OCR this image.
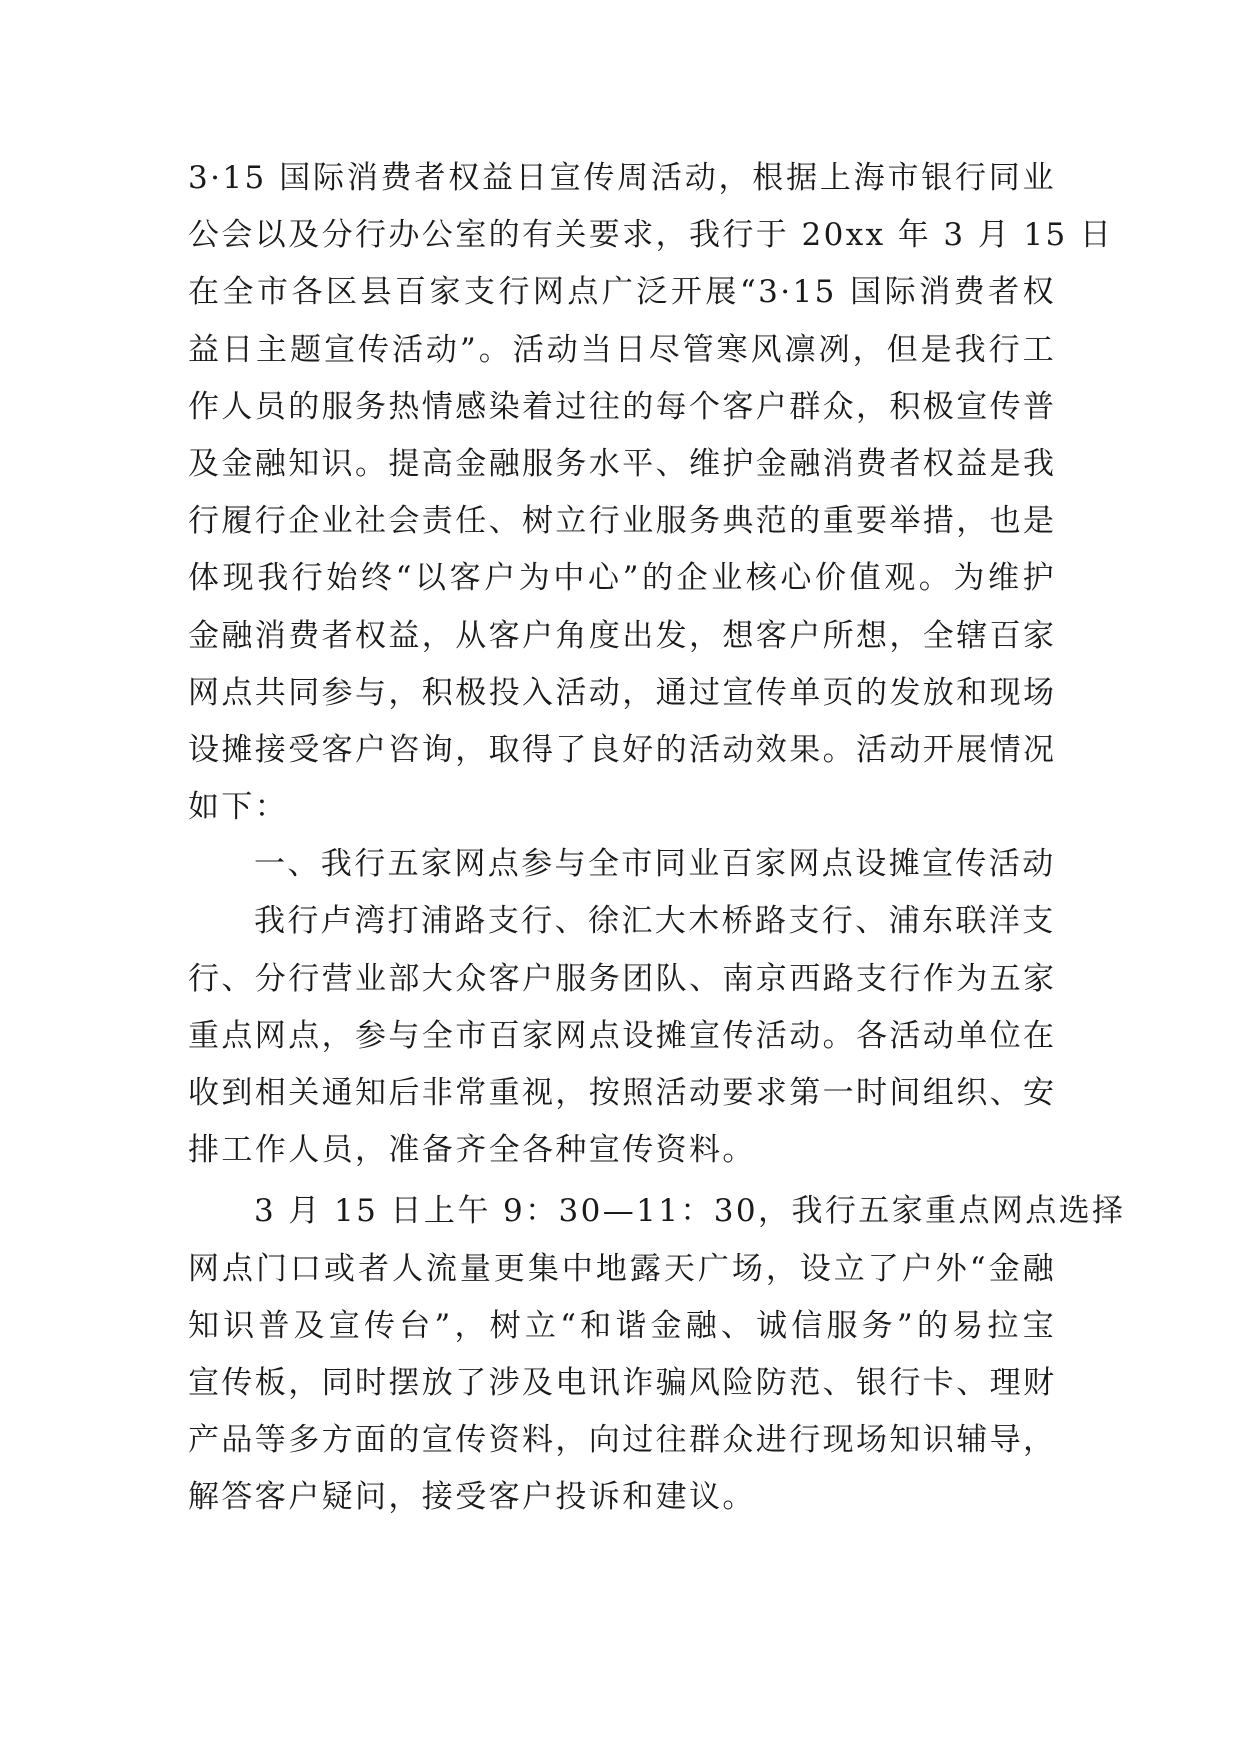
3·15 国际消费者权益日宣传周活动，根据上海市银行同业
公会以及分行办公室的有关要求，我行于 20xx 年 3 月 15 日
在全市各区县百家支行网点广泛开展“3·15 国际消费者权
益日主题宣传活动”。活动当日尽管寒风凛冽，但是我行工
作人员的服务热情感染着过往的每个客户群众，积极宣传普
及金融知识。提高金融服务水平、维护金融消费者权益是我
行履行企业社会责任、树立行业服务典范的重要举措，也是
体现我行始终“以客户为中心”的企业核心价值观。为维护
金融消费者权益，从客户角度出发，想客户所想，全辖百家
网点共同参与，积极投入活动，通过宣传单页的发放和现场
设摊接受客户咨询，取得了良好的活动效果。活动开展情况
如下：
一、我行五家网点参与全市同业百家网点设摊宣传活动
我行卢湾打浦路支行、徐汇大木桥路支行、浦东联洋支
行、分行营业部大众客户服务团队、南京西路支行作为五家
重点网点，参与全市百家网点设摊宣传活动。各活动单位在
收到相关通知后非常重视，按照活动要求第一时间组织、安
排工作人员，准备齐全各种宣传资料。
3 月 15 日上午 9：30—11：30，我行五家重点网点选择
网点门口或者人流量更集中地露天广场，设立了户外“金融
知识普及宣传台”，树立“和谐金融、诚信服务”的易拉宝
宣传板，同时摆放了涉及电讯诈骗风险防范、银行卡、理财
产品等多方面的宣传资料，向过往群众进行现场知识辅导，
解答客户疑问，接受客户投诉和建议。
